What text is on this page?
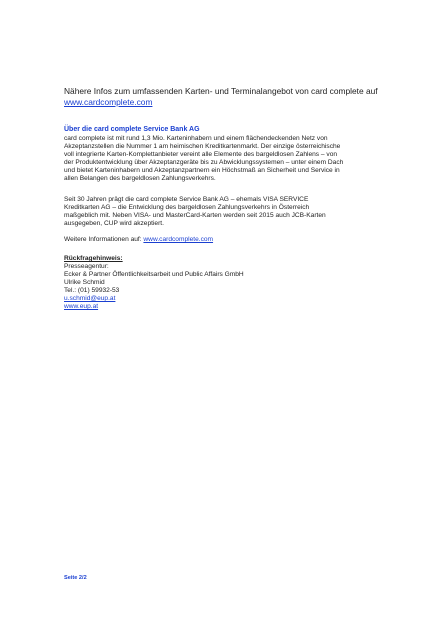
Nähere Infos zum umfassenden Karten- und Terminalangebot von card complete auf

www.cardcomplete.com

Über die card complete Service Bank AG

card complete ist mit rund 1,3 Mio. Karteninhabern und einem flächendeckenden Netz von
Akzeptanzstellen die Nummer 1 am heimischen Kreditkartenmarkt. Der einzige österreichische
voll integrierte Karten-Komplettanbieter vereint alle Elemente des bargeldlosen Zahlens – von
der Produktentwicklung über Akzeptanzgeräte bis zu Abwicklungssystemen – unter einem Dach
und bietet Karteninhabern und Akzeptanzpartnern ein Höchstmaß an Sicherheit und Service in
allen Belangen des bargeldlosen Zahlungsverkehrs.

Seit 30 Jahren prägt die card complete Service Bank AG – ehemals VISA SERVICE
Kreditkarten AG – die Entwicklung des bargeldlosen Zahlungsverkehrs in Österreich
maßgeblich mit. Neben VISA- und MasterCard-Karten werden seit 2015 auch JCB-Karten
ausgegeben, CUP wird akzeptiert.
Weitere Informationen auf: www.cardcomplete.com
Rückfragehinweis:
Presseagentur:
Ecker & Partner Öffentlichkeitsarbeit und Public Affairs GmbH
Ulrike Schmid
Tel.: (01) 59932-53
u.schmid@eup.at
www.eup.at
Seite 2/2
